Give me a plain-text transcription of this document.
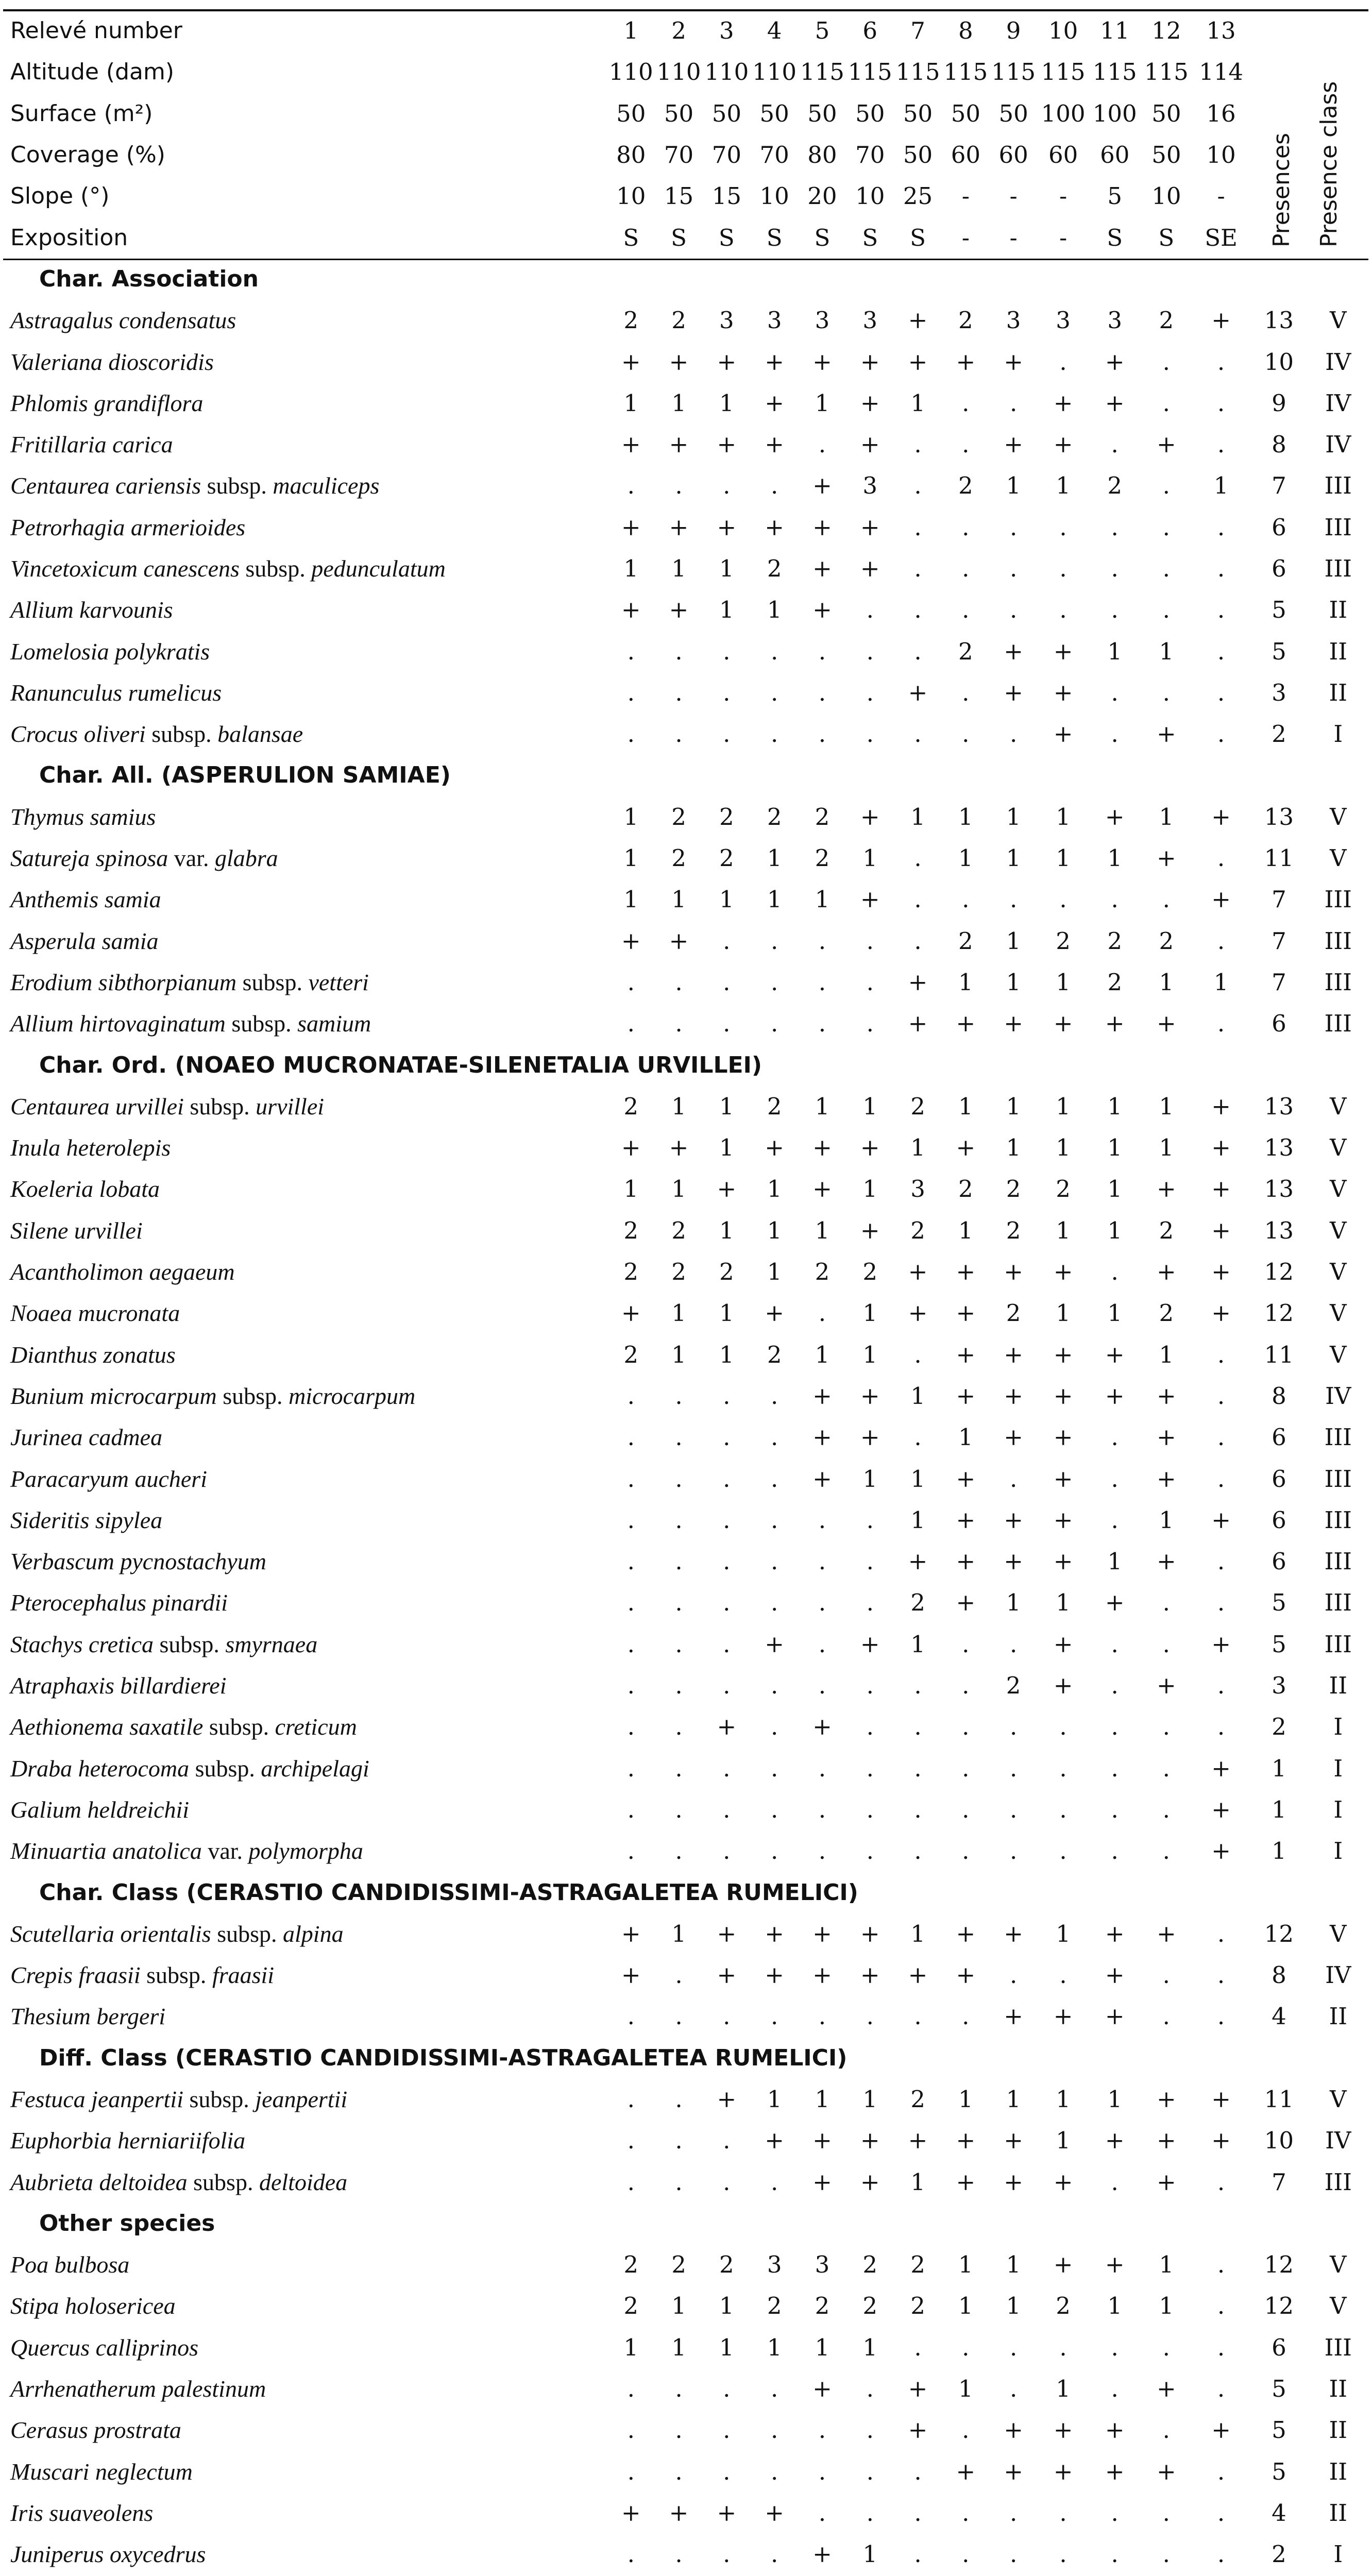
Relevé number	1	2	3	4	5	6	7	8	9	10	11	12	13		
Altitude (dam)	110	110	110	110	115	115	115	115	115	115	115	115	114		
Surface (m²)	50	50	50	50	50	50	50	50	50	100	100	50	16		
Coverage (%)	80	70	70	70	80	70	50	60	60	60	60	50	10		
Slope (°)	10	15	15	10	20	10	25	-	-	-	5	10	-		
Exposition	S	S	S	S	S	S	S	-	-	-	S	S	SE		
Char. Association															
Astragalus condensatus	2	2	3	3	3	3	+	2	3	3	3	2	+	13	V
Valeriana dioscoridis	+	+	+	+	+	+	+	+	+	.	+	.	.	10	IV
Phlomis grandiflora	1	1	1	+	1	+	1	.	.	+	+	.	.	9	IV
Fritillaria carica	+	+	+	+	.	+	.	.	+	+	.	+	.	8	IV
Centaurea cariensis subsp. maculiceps	.	.	.	.	+	3	.	2	1	1	2	.	1	7	III
Petrorhagia armerioides	+	+	+	+	+	+	.	.	.	.	.	.	.	6	III
Vincetoxicum canescens subsp. pedunculatum	1	1	1	2	+	+	.	.	.	.	.	.	.	6	III
Allium karvounis	+	+	1	1	+	.	.	.	.	.	.	.	.	5	II
Lomelosia polykratis	.	.	.	.	.	.	.	2	+	+	1	1	.	5	II
Ranunculus rumelicus	.	.	.	.	.	.	+	.	+	+	.	.	.	3	II
Crocus oliveri subsp. balansae	.	.	.	.	.	.	.	.	.	+	.	+	.	2	I
Char. All. (ASPERULION SAMIAE)															
Thymus samius	1	2	2	2	2	+	1	1	1	1	+	1	+	13	V
Satureja spinosa var. glabra	1	2	2	1	2	1	.	1	1	1	1	+	.	11	V
Anthemis samia	1	1	1	1	1	+	.	.	.	.	.	.	+	7	III
Asperula samia	+	+	.	.	.	.	.	2	1	2	2	2	.	7	III
Erodium sibthorpianum subsp. vetteri	.	.	.	.	.	.	+	1	1	1	2	1	1	7	III
Allium hirtovaginatum subsp. samium	.	.	.	.	.	.	+	+	+	+	+	+	.	6	III
Char. Ord. (NOAEO MUCRONATAE-SILENETALIA URVILLEI)															
Centaurea urvillei subsp. urvillei	2	1	1	2	1	1	2	1	1	1	1	1	+	13	V
Inula heterolepis	+	+	1	+	+	+	1	+	1	1	1	1	+	13	V
Koeleria lobata	1	1	+	1	+	1	3	2	2	2	1	+	+	13	V
Silene urvillei	2	2	1	1	1	+	2	1	2	1	1	2	+	13	V
Acantholimon aegaeum	2	2	2	1	2	2	+	+	+	+	.	+	+	12	V
Noaea mucronata	+	1	1	+	.	1	+	+	2	1	1	2	+	12	V
Dianthus zonatus	2	1	1	2	1	1	.	+	+	+	+	1	.	11	V
Bunium microcarpum subsp. microcarpum	.	.	.	.	+	+	1	+	+	+	+	+	.	8	IV
Jurinea cadmea	.	.	.	.	+	+	.	1	+	+	.	+	.	6	III
Paracaryum aucheri	.	.	.	.	+	1	1	+	.	+	.	+	.	6	III
Sideritis sipylea	.	.	.	.	.	.	1	+	+	+	.	1	+	6	III
Verbascum pycnostachyum	.	.	.	.	.	.	+	+	+	+	1	+	.	6	III
Pterocephalus pinardii	.	.	.	.	.	.	2	+	1	1	+	.	.	5	III
Stachys cretica subsp. smyrnaea	.	.	.	+	.	+	1	.	.	+	.	.	+	5	III
Atraphaxis billardierei	.	.	.	.	.	.	.	.	2	+	.	+	.	3	II
Aethionema saxatile subsp. creticum	.	.	+	.	+	.	.	.	.	.	.	.	.	2	I
Draba heterocoma subsp. archipelagi	.	.	.	.	.	.	.	.	.	.	.	.	+	1	I
Galium heldreichii	.	.	.	.	.	.	.	.	.	.	.	.	+	1	I
Minuartia anatolica var. polymorpha	.	.	.	.	.	.	.	.	.	.	.	.	+	1	I
Char. Class (CERASTIO CANDIDISSIMI-ASTRAGALETEA RUMELICI)															
Scutellaria orientalis subsp. alpina	+	1	+	+	+	+	1	+	+	1	+	+	.	12	V
Crepis fraasii subsp. fraasii	+	.	+	+	+	+	+	+	.	.	+	.	.	8	IV
Thesium bergeri	.	.	.	.	.	.	.	.	+	+	+	.	.	4	II
Diff. Class (CERASTIO CANDIDISSIMI-ASTRAGALETEA RUMELICI)															
Festuca jeanpertii subsp. jeanpertii	.	.	+	1	1	1	2	1	1	1	1	+	+	11	V
Euphorbia herniariifolia	.	.	.	+	+	+	+	+	+	1	+	+	+	10	IV
Aubrieta deltoidea subsp. deltoidea	.	.	.	.	+	+	1	+	+	+	.	+	.	7	III
Other species															
Poa bulbosa	2	2	2	3	3	2	2	1	1	+	+	1	.	12	V
Stipa holosericea	2	1	1	2	2	2	2	1	1	2	1	1	.	12	V
Quercus calliprinos	1	1	1	1	1	1	.	.	.	.	.	.	.	6	III
Arrhenatherum palestinum	.	.	.	.	+	.	+	1	.	1	.	+	.	5	II
Cerasus prostrata	.	.	.	.	.	.	+	.	+	+	+	.	+	5	II
Muscari neglectum	.	.	.	.	.	.	.	+	+	+	+	+	.	5	II
Iris suaveolens	+	+	+	+	.	.	.	.	.	.	.	.	.	4	II
Juniperus oxycedrus	.	.	.	.	+	1	.	.	.	.	.	.	.	2	I

Presences Presence class
